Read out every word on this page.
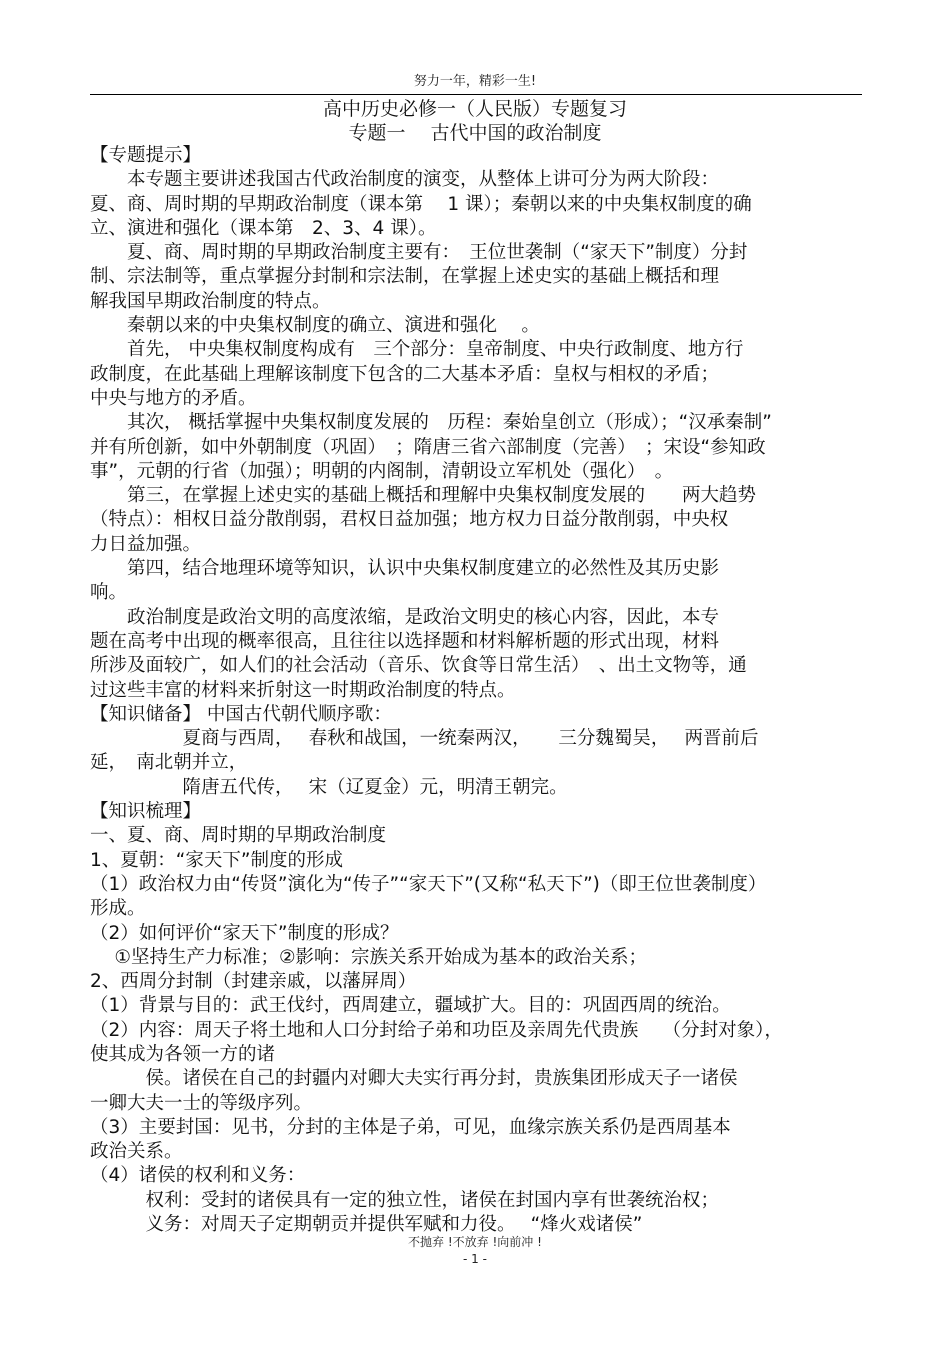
努力一年，精彩一生!
高中历史必修一（人民版）专题复习
专题一　 古代中国的政治制度
【专题提示】
　　本专题主要讲述我国古代政治制度的演变，从整体上讲可分为两大阶段：
夏、商、周时期的早期政治制度（课本第　 1 课）；秦朝以来的中央集权制度的确
立、演进和强化（课本第　2、3、4 课）。
　　夏、商、周时期的早期政治制度主要有：　王位世袭制（“家天下”制度）分封
制、宗法制等，重点掌握分封制和宗法制，在掌握上述史实的基础上概括和理
解我国早期政治制度的特点。
　　秦朝以来的中央集权制度的确立、演进和强化　 。
　　首先， 中央集权制度构成有　三个部分：皇帝制度、中央行政制度、地方行
政制度，在此基础上理解该制度下包含的二大基本矛盾：皇权与相权的矛盾；
中央与地方的矛盾。
　　其次， 概括掌握中央集权制度发展的　历程：秦始皇创立（形成）；“汉承秦制”
并有所创新，如中外朝制度（巩固）　；隋唐三省六部制度（完善）　；宋设“参知政
事”，元朝的行省（加强）；明朝的内阁制，清朝设立军机处（强化）　。
　　第三，在掌握上述史实的基础上概括和理解中央集权制度发展的　　两大趋势
（特点）：相权日益分散削弱，君权日益加强；地方权力日益分散削弱，中央权
力日益加强。
　　第四，结合地理环境等知识，认识中央集权制度建立的必然性及其历史影
响。
　　政治制度是政治文明的高度浓缩，是政治文明史的核心内容，因此，本专
题在高考中出现的概率很高，且往往以选择题和材料解析题的形式出现，材料
所涉及面较广，如人们的社会活动（音乐、饮食等日常生活）　、出土文物等，通
过这些丰富的材料来折射这一时期政治制度的特点。
【知识储备】 中国古代朝代顺序歌：
　　　　　夏商与西周，　 春秋和战国，一统秦两汉，　　三分魏蜀吴，　 两晋前后
延，　南北朝并立，
　　　　　隋唐五代传，　 宋（辽夏金）元，明清王朝完。
【知识梳理】
一、夏、商、周时期的早期政治制度
1、夏朝：“家天下”制度的形成
（1）政治权力由“传贤”演化为“传子”“家天下”(又称“私天下”)（即王位世袭制度）
形成。
（2）如何评价“家天下”制度的形成？
　 ①坚持生产力标准；②影响：宗族关系开始成为基本的政治关系；
2、西周分封制（封建亲戚，以藩屏周）
（1）背景与目的：武王伐纣，西周建立，疆域扩大。目的：巩固西周的统治。
（2）内容：周天子将土地和人口分封给子弟和功臣及亲周先代贵族　 （分封对象），
使其成为各领一方的诸
　　　侯。诸侯在自己的封疆内对卿大夫实行再分封，贵族集团形成天子一诸侯
一卿大夫一士的等级序列。
（3）主要封国：见书，分封的主体是子弟，可见，血缘宗族关系仍是西周基本
政治关系。
（4）诸侯的权利和义务：
　　　权利：受封的诸侯具有一定的独立性，诸侯在封国内享有世袭统治权；
　　　义务：对周天子定期朝贡并提供军赋和力役。　 “烽火戏诸侯”
不抛弃 !不放弃 !向前冲 !
- 1 -
